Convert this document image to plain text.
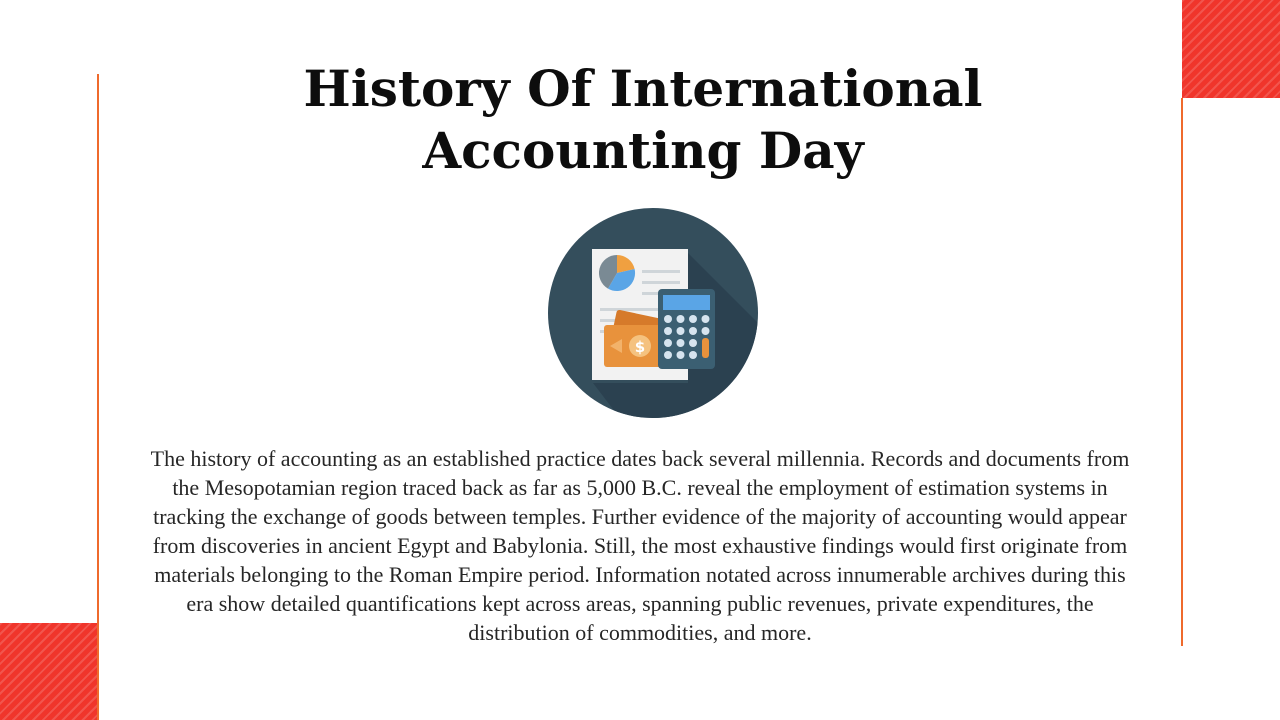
History Of International Accounting Day
$

The history of accounting as an established practice dates back several millennia. Records and documents from the Mesopotamian region traced back as far as 5,000 B.C. reveal the employment of estimation systems in tracking the exchange of goods between temples. Further evidence of the majority of accounting would appear from discoveries in ancient Egypt and Babylonia. Still, the most exhaustive findings would first originate from materials belonging to the Roman Empire period. Information notated across innumerable archives during this era show detailed quantifications kept across areas, spanning public revenues, private expenditures, the distribution of commodities, and more.
